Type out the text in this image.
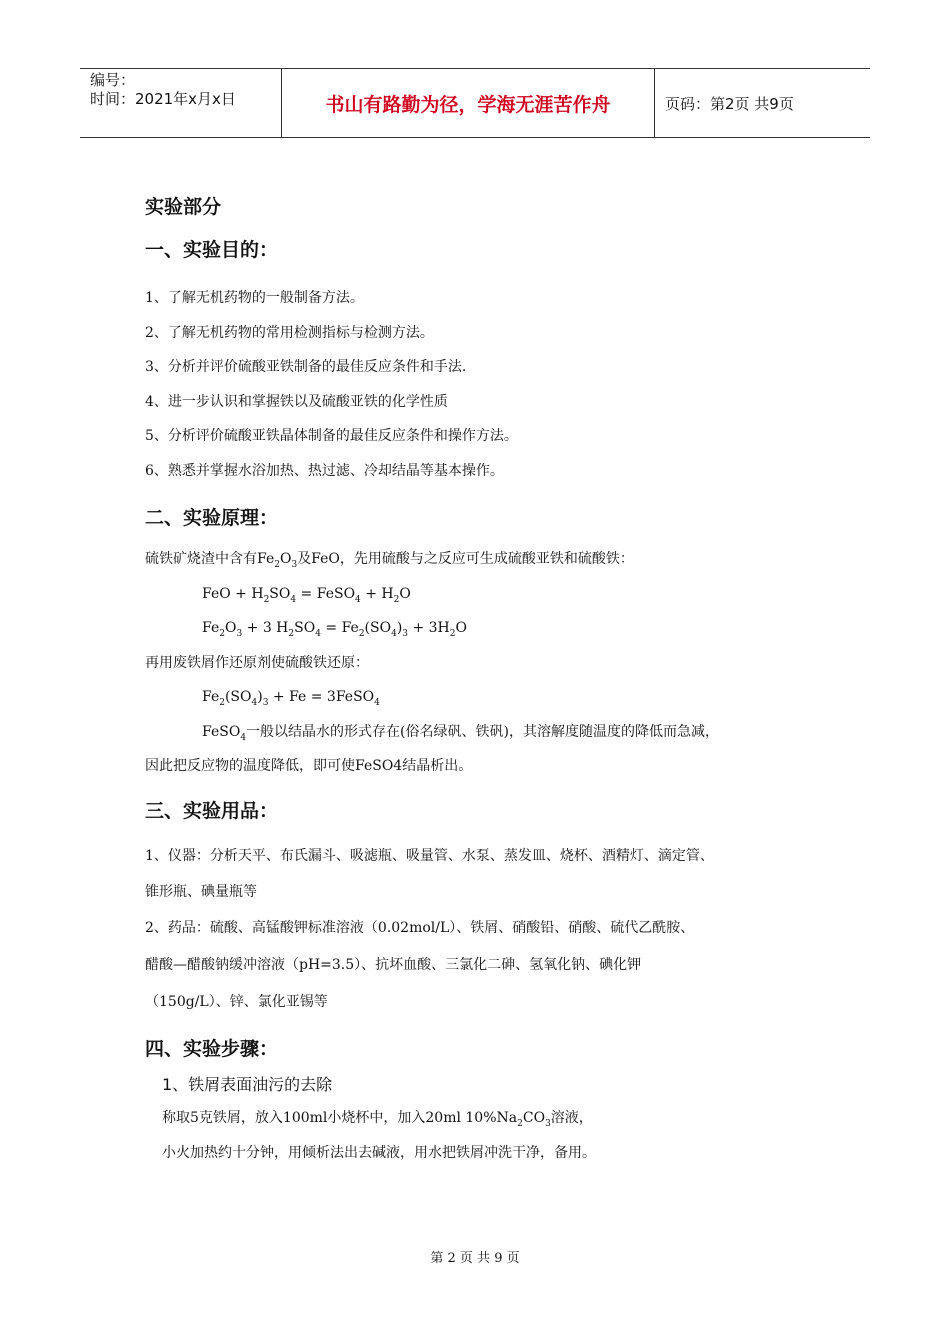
编号：
时间：2021年x月x日	书山有路勤为径，学海无涯苦作舟	页码：第2页 共9页
实验部分
一、实验目的：
1、了解无机药物的一般制备方法。
2、了解无机药物的常用检测指标与检测方法。
3、分析并评价硫酸亚铁制备的最佳反应条件和手法.
4、进一步认识和掌握铁以及硫酸亚铁的化学性质
5、分析评价硫酸亚铁晶体制备的最佳反应条件和操作方法。
6、熟悉并掌握水浴加热、热过滤、冷却结晶等基本操作。
二、实验原理：
硫铁矿烧渣中含有$Fe_2O_3$及FeO，先用硫酸与之反应可生成硫酸亚铁和硫酸铁：
FeO + $H_2SO_4$ = FeSO$_4$ + $H_2O$
$Fe_2O_3 + 3$ $H_2SO_4 = Fe_2(SO_4)_3 + 3H_2O$
再用废铁屑作还原剂使硫酸铁还原：
$Fe_2(SO_4)_3 + Fe$ = 3FeSO$_4$
FeSO$_4$一般以结晶水的形式存在(俗名绿矾、铁矾)，其溶解度随温度的降低而急减，
因此把反应物的温度降低，即可使FeSO4结晶析出。
三、实验用品：
1、仪器：分析天平、布氏漏斗、吸滤瓶、吸量管、水泵、蒸发皿、烧杯、酒精灯、滴定管、
锥形瓶、碘量瓶等
2、药品：硫酸、高锰酸钾标准溶液（0.02mol/L）、铁屑、硝酸铅、硝酸、硫代乙酰胺、
醋酸—醋酸钠缓冲溶液（pH=3.5）、抗坏血酸、三氯化二砷、氢氧化钠、碘化钾
（150g/L）、锌、氯化亚锡等
四、实验步骤：
1、铁屑表面油污的去除
称取5克铁屑，放入100ml小烧杯中，加入20ml $10\%Na_2CO_3$溶液，
小火加热约十分钟，用倾析法出去碱液，用水把铁屑冲洗干净，备用。
第 2 页 共 9 页
